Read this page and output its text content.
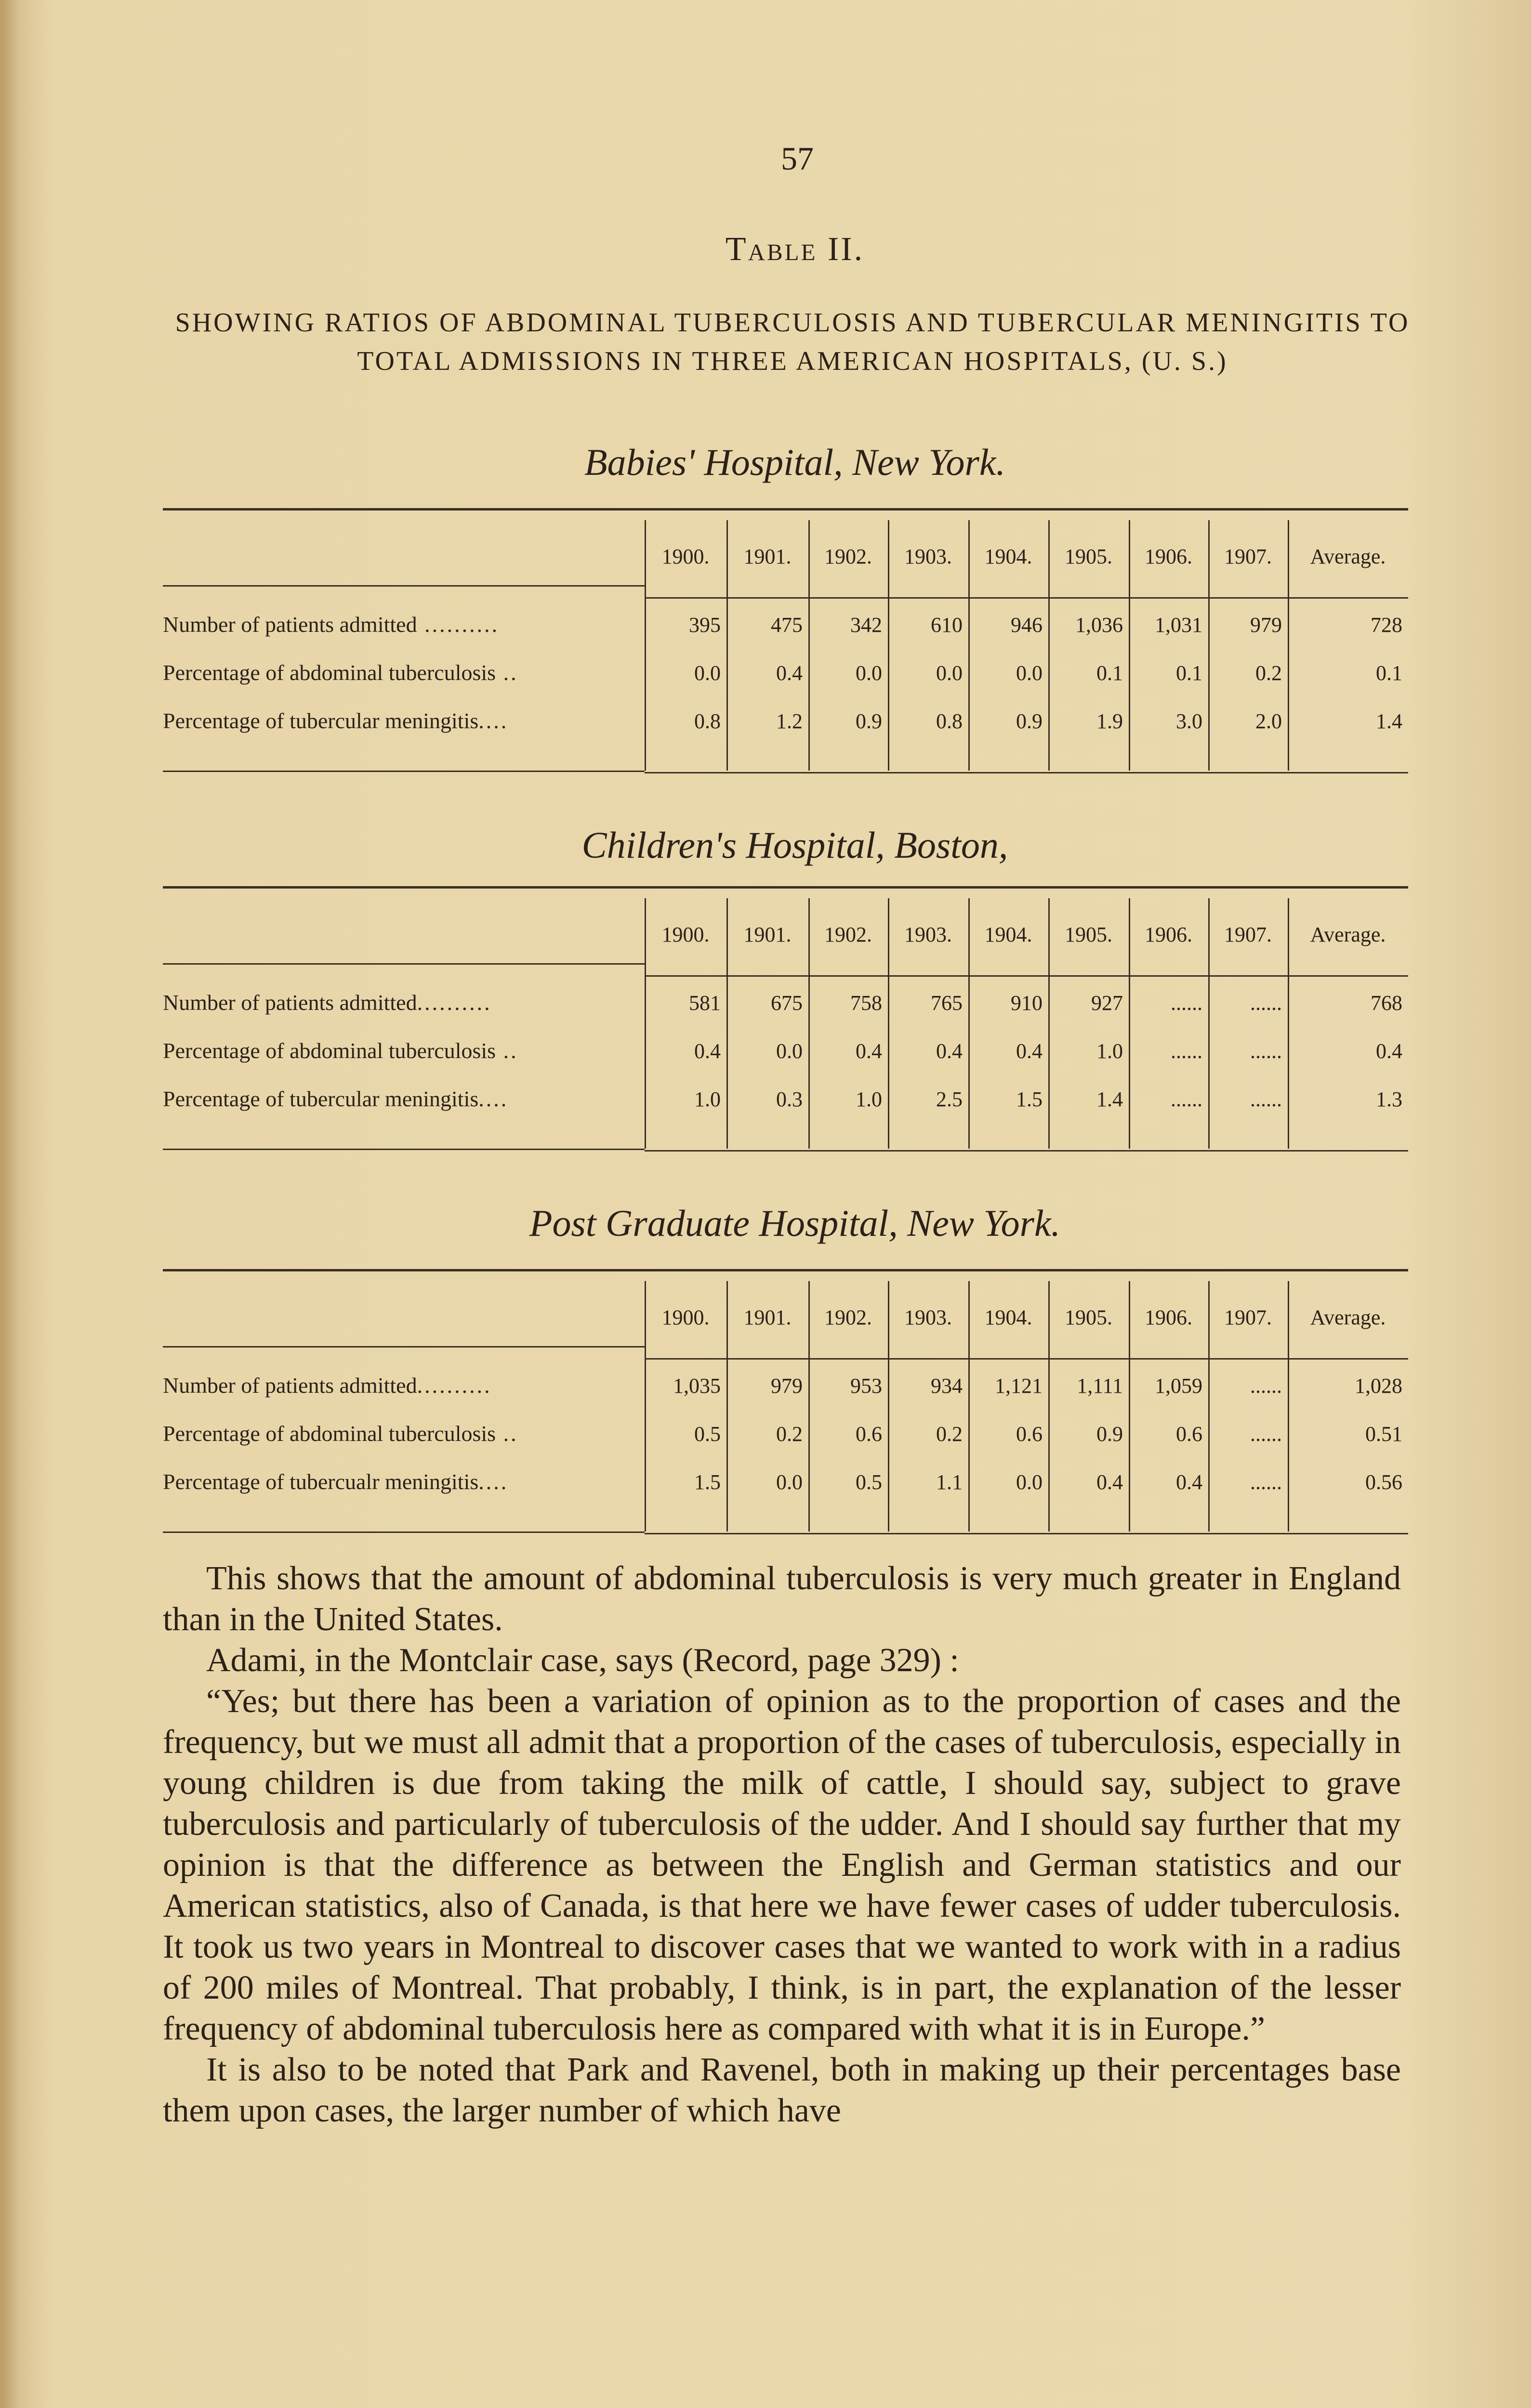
57
Table II.
SHOWING RATIOS OF ABDOMINAL TUBERCULOSIS AND TUBERCULAR MENINGITIS TO TOTAL ADMISSIONS IN THREE AMERICAN HOSPITALS, (U. S.)
Babies' Hospital, New York.
1900.	1901.	1902.	1903.	1904.	1905.	1906.	1907.	Average.
Number of patients admitted ..........	395	475	342	610	946	1,036	1,031	979	728
Percentage of abdominal tuberculosis ..	0.0	0.4	0.0	0.0	0.0	0.1	0.1	0.2	0.1
Percentage of tubercular meningitis....	0.8	1.2	0.9	0.8	0.9	1.9	3.0	2.0	1.4
Children's Hospital, Boston,
1900.	1901.	1902.	1903.	1904.	1905.	1906.	1907.	Average.
Number of patients admitted..........	581	675	758	765	910	927	......	......	768
Percentage of abdominal tuberculosis ..	0.4	0.0	0.4	0.4	0.4	1.0	......	......	0.4
Percentage of tubercular meningitis....	1.0	0.3	1.0	2.5	1.5	1.4	......	......	1.3
Post Graduate Hospital, New York.
1900.	1901.	1902.	1903.	1904.	1905.	1906.	1907.	Average.
Number of patients admitted..........	1,035	979	953	934	1,121	1,111	1,059	......	1,028
Percentage of abdominal tuberculosis ..	0.5	0.2	0.6	0.2	0.6	0.9	0.6	......	0.51
Percentage of tubercualr meningitis....	1.5	0.0	0.5	1.1	0.0	0.4	0.4	......	0.56

This shows that the amount of abdominal tuberculosis is very much greater in England than in the United States.

Adami, in the Montclair case, says (Record, page 329) :

“Yes; but there has been a variation of opinion as to the proportion of cases and the frequency, but we must all admit that a proportion of the cases of tuberculosis, especially in young children is due from taking the milk of cattle, I should say, subject to grave tuberculosis and particularly of tuberculosis of the udder. And I should say further that my opinion is that the difference as between the English and German statistics and our American statistics, also of Canada, is that here we have fewer cases of udder tuberculosis. It took us two years in Montreal to discover cases that we wanted to work with in a radius of 200 miles of Montreal. That probably, I think, is in part, the explanation of the lesser frequency of abdominal tuberculosis here as compared with what it is in Europe.”

It is also to be noted that Park and Ravenel, both in making up their percentages base them upon cases, the larger number of which have
